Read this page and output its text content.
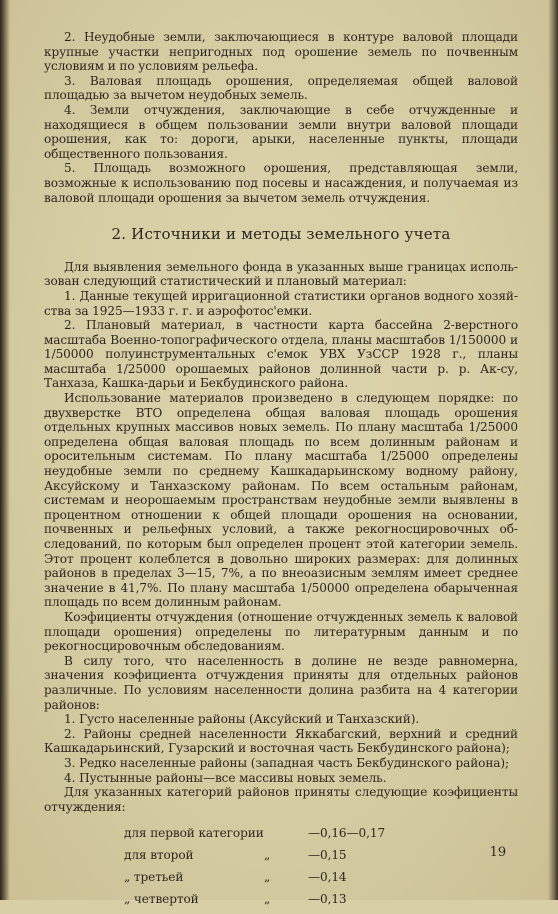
2. Неудобные земли, заключающиеся в контуре валовой площади крупные участки непригодных под орошение земель по почвенным условиям и по условиям рельефа.

3. Валовая площадь орошения, определяемая общей валовой площадью за вычетом неудобных земель.

4. Земли отчуждения, заключающие в себе отчужденные и находящиеся в общем пользовании земли внутри валовой площади орошения, как то: дороги, арыки, населенные пункты, площади общественного пользования.

5. Площадь возможного орошения, представляющая земли, возможные к использованию под посевы и насаждения, и получаемая из валовой площади орошения за вычетом земель отчуждения.

2. Источники и методы земельного учета

Для выявления земельного фонда в указанных выше границах использован следующий статистический и плановый материал:

1. Данные текущей ирригационной статистики органов водного хозяйства за 1925—1933 г. г. и аэрофотос'емки.

2. Плановый материал, в частности карта бассейна 2-верстного масштаба Военно-топографического отдела, планы масштабов 1/150000 и 1/50000 полуинструментальных с'емок УВХ УзССР 1928 г., планы масштаба 1/25000 орошаемых районов долинной части р. р. Ак-су, Танхаза, Кашка-дарьи и Бекбудинского района.

Использование материалов произведено в следующем порядке: по двухверстке ВТО определена общая валовая площадь орошения отдельных крупных массивов новых земель. По плану масштаба 1/25000 определена общая валовая площадь по всем долинным районам и оросительным системам. По плану масштаба 1/25000 определены неудобные земли по среднему Кашкадарьинскому водному району, Аксуйскому и Танхазскому районам. По всем остальным районам, системам и неорошаемым пространствам неудобные земли выявлены в процентном отношении к общей площади орошения на основании, почвенных и рельефных условий, а также рекогносцировочных обследований, по которым был определен процент этой категории земель. Этот процент колеблется в довольно широких размерах: для долинных районов в пределах 3—15, 7%, а по внеоазисным землям имеет среднее значение в 41,7%. По плану масштаба 1/50000 определена обарыченная площадь по всем долинным районам.

Коэфициенты отчуждения (отношение отчужденных земель к валовой площади орошения) определены по литературным данным и по рекогносцировочным обследованиям.

В силу того, что населенность в долине не везде равномерна, значения коэфициента отчуждения приняты для отдельных районов различные. По условиям населенности долина разбита на 4 категории районов:

1. Густо населенные районы (Аксуйский и Танхазский).

2. Районы средней населенности Яккабагский, верхний и средний Кашкадарьинский, Гузарский и восточная часть Бекбудинского района);

3. Редко населенные районы (западная часть Бекбудинского района);

4. Пустынные районы—все массивы новых земель.

Для указанных категорий районов приняты следующие коэфициенты отчуждения:

для первой категории		—0,16—0,17
для второй	„	—0,15
„ третьей	„	—0,14
„ четвертой	„	—0,13
19
